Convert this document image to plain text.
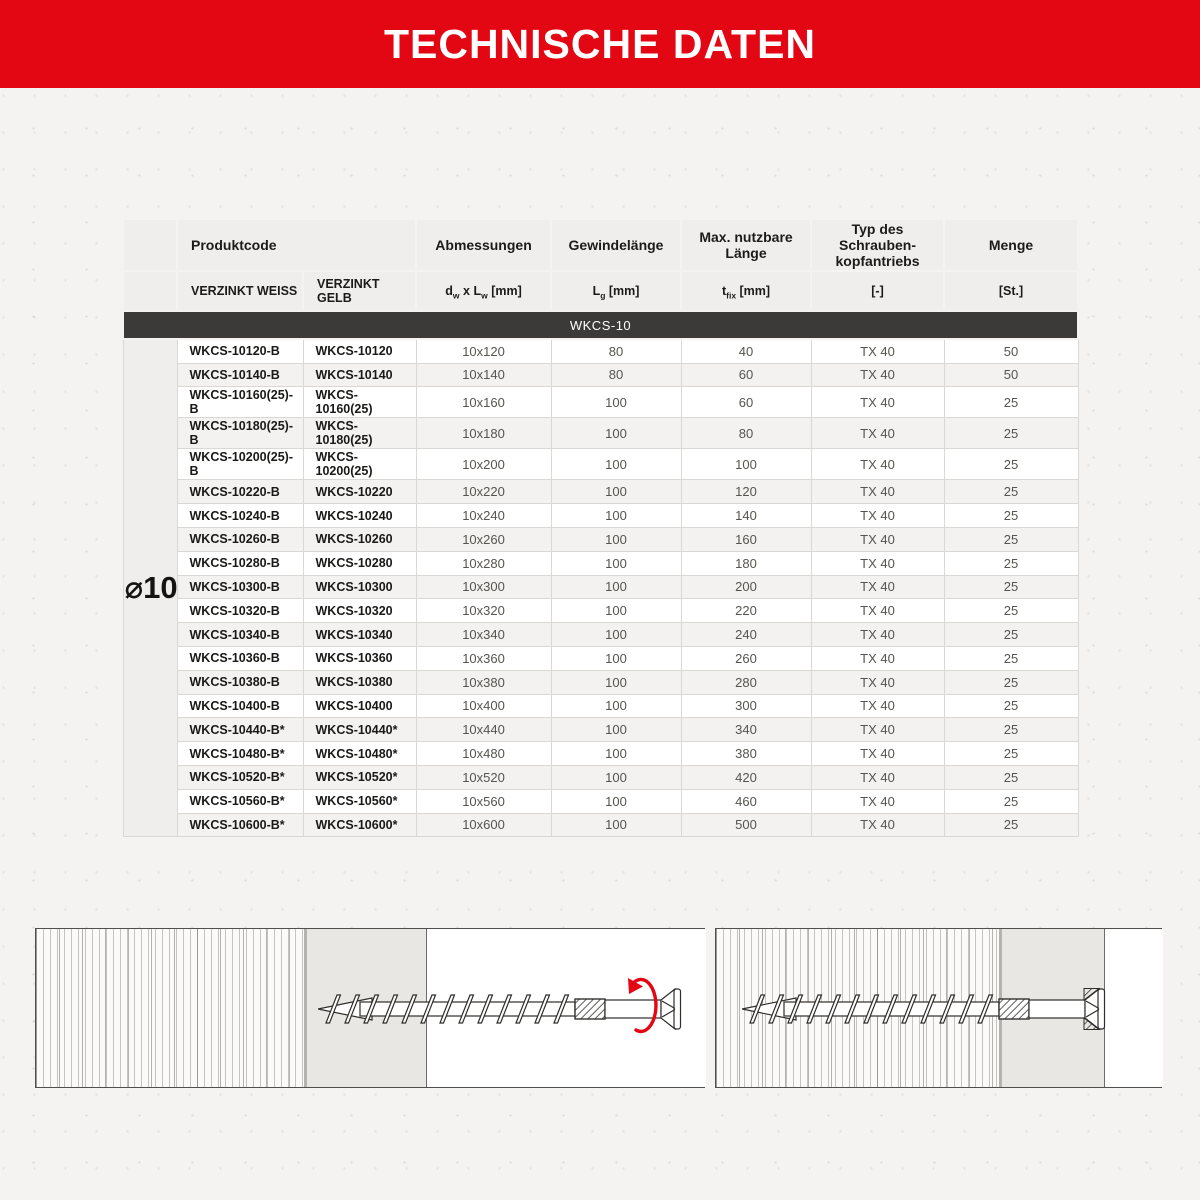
TECHNISCHE DATEN
	Produktcode		Abmessungen	Gewindelänge	Max. nutzbare Länge	Typ des Schrauben-kopfantriebs	Menge
	VERZINKT WEISS	VERZINKT GELB	$d_w$ x $L_w$ [mm]	$L_g$ [mm]	$t_{fix}$ [mm]	[-]	[St.]
WKCS-10							
⌀10	WKCS-10120-B	WKCS-10120	10x120	80	40	TX 40	50
	WKCS-10140-B	WKCS-10140	10x140	80	60	TX 40	50
	WKCS-10160(25)-B	WKCS-10160(25)	10x160	100	60	TX 40	25
	WKCS-10180(25)-B	WKCS-10180(25)	10x180	100	80	TX 40	25
	WKCS-10200(25)-B	WKCS-10200(25)	10x200	100	100	TX 40	25
	WKCS-10220-B	WKCS-10220	10x220	100	120	TX 40	25
	WKCS-10240-B	WKCS-10240	10x240	100	140	TX 40	25
	WKCS-10260-B	WKCS-10260	10x260	100	160	TX 40	25
	WKCS-10280-B	WKCS-10280	10x280	100	180	TX 40	25
	WKCS-10300-B	WKCS-10300	10x300	100	200	TX 40	25
	WKCS-10320-B	WKCS-10320	10x320	100	220	TX 40	25
	WKCS-10340-B	WKCS-10340	10x340	100	240	TX 40	25
	WKCS-10360-B	WKCS-10360	10x360	100	260	TX 40	25
	WKCS-10380-B	WKCS-10380	10x380	100	280	TX 40	25
	WKCS-10400-B	WKCS-10400	10x400	100	300	TX 40	25
	WKCS-10440-B*	WKCS-10440*	10x440	100	340	TX 40	25
	WKCS-10480-B*	WKCS-10480*	10x480	100	380	TX 40	25
	WKCS-10520-B*	WKCS-10520*	10x520	100	420	TX 40	25
	WKCS-10560-B*	WKCS-10560*	10x560	100	460	TX 40	25
	WKCS-10600-B*	WKCS-10600*	10x600	100	500	TX 40	25
